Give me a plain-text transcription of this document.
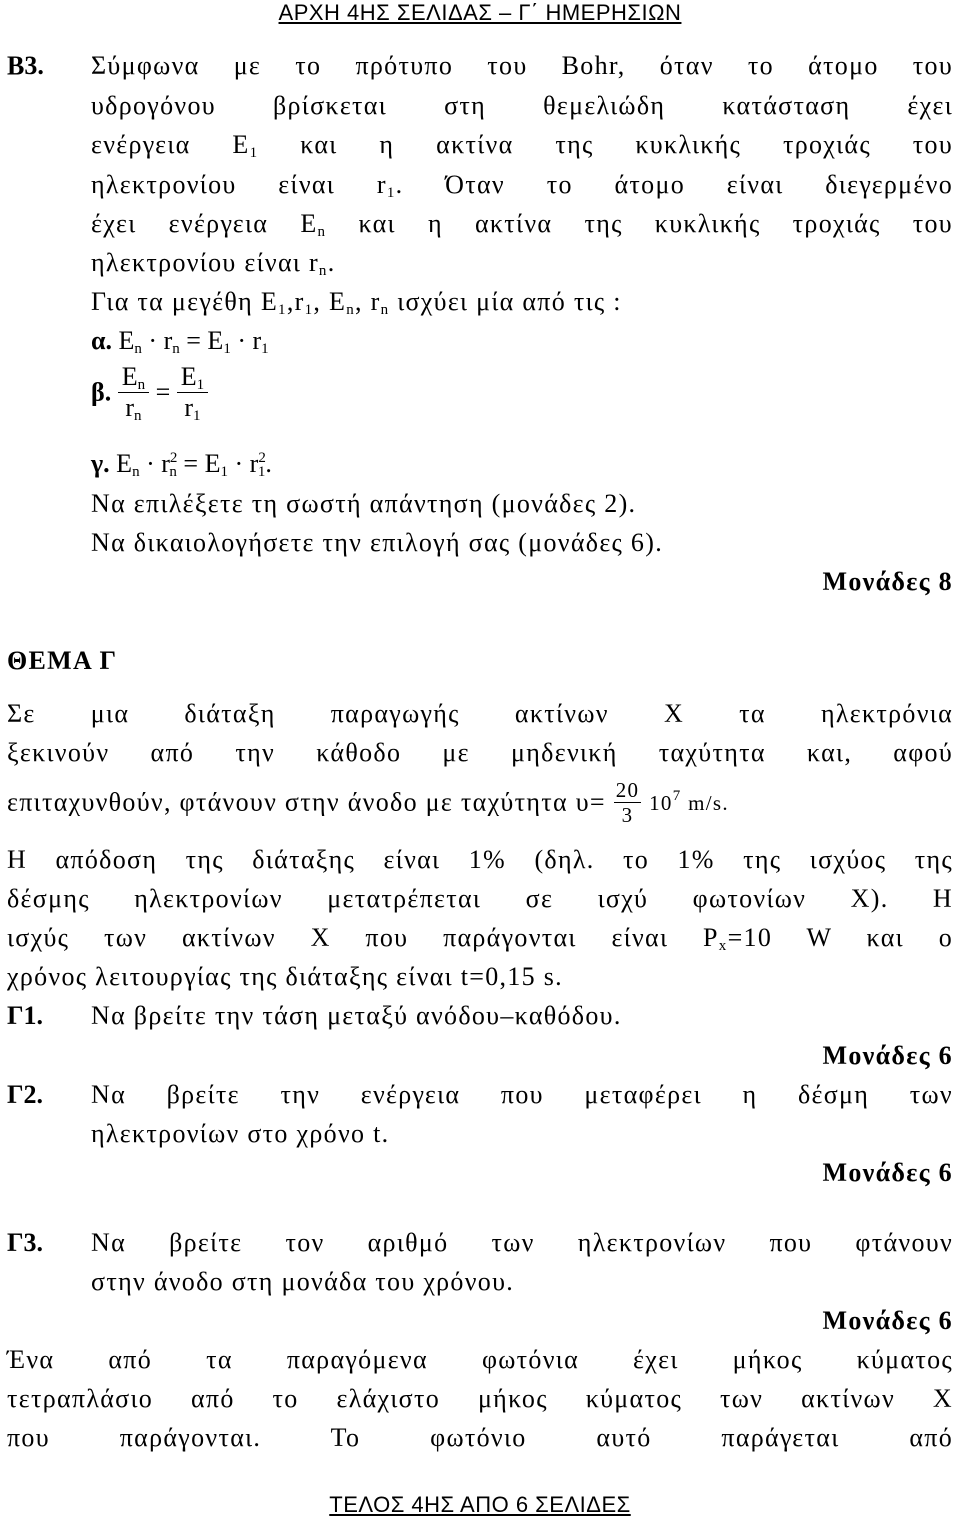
ΑΡΧΗ 4ΗΣ ΣΕΛΙΔΑΣ – Γ΄ ΗΜΕΡΗΣΙΩΝ
Β3. Σύμφωνα με το πρότυπο του Bohr, όταν το άτομο του
υδρογόνου βρίσκεται στη θεμελιώδη κατάσταση έχει
ενέργεια $E_1$ και η ακτίνα της κυκλικής τροχιάς του
ηλεκτρονίου είναι $r_1$. Όταν το άτομο είναι διεγερμένο
έχει ενέργεια $E_n$ και η ακτίνα της κυκλικής τροχιάς του
ηλεκτρονίου είναι $r_n$.
Για τα μεγέθη $E_1,r_1$, $E_n$, $r_n$ ισχύει μία από τις :
α. $E_n \cdot r_n = E_1 \cdot r_1$
β. $\frac{E_n}{r_n} = \frac{E_1}{r_1}$
γ. $E_n \cdot r^2_n = E_1 \cdot r^2_1$.
Να επιλέξετε τη σωστή απάντηση (μονάδες 2).
Να δικαιολογήσετε την επιλογή σας (μονάδες 6).
Μονάδες 8
ΘΕΜΑ Γ
Σε μια διάταξη παραγωγής ακτίνων Χ τα ηλεκτρόνια
ξεκινούν από την κάθοδο με μηδενική ταχύτητα και, αφού
επιταχυνθούν, φτάνουν στην άνοδο με ταχύτητα $\upsilon= \frac{20}{3} 10^7$ m/s.
Η απόδοση της διάταξης είναι 1% (δηλ. το 1% της ισχύος της
δέσμης ηλεκτρονίων μετατρέπεται σε ισχύ φωτονίων Χ). Η
ισχύς των ακτίνων Χ που παράγονται είναι $P_x=10$ W και ο
χρόνος λειτουργίας της διάταξης είναι t=0,15 s.
Γ1. Να βρείτε την τάση μεταξύ ανόδου–καθόδου.
Μονάδες 6
Γ2. Να βρείτε την ενέργεια που μεταφέρει η δέσμη των
ηλεκτρονίων στο χρόνο t.
Μονάδες 6
Γ3. Να βρείτε τον αριθμό των ηλεκτρονίων που φτάνουν
στην άνοδο στη μονάδα του χρόνου.
Μονάδες 6
Ένα από τα παραγόμενα φωτόνια έχει μήκος κύματος
τετραπλάσιο από το ελάχιστο μήκος κύματος των ακτίνων Χ
που παράγονται. Το φωτόνιο αυτό παράγεται από
ΤΕΛΟΣ 4ΗΣ ΑΠΟ 6 ΣΕΛΙΔΕΣ
